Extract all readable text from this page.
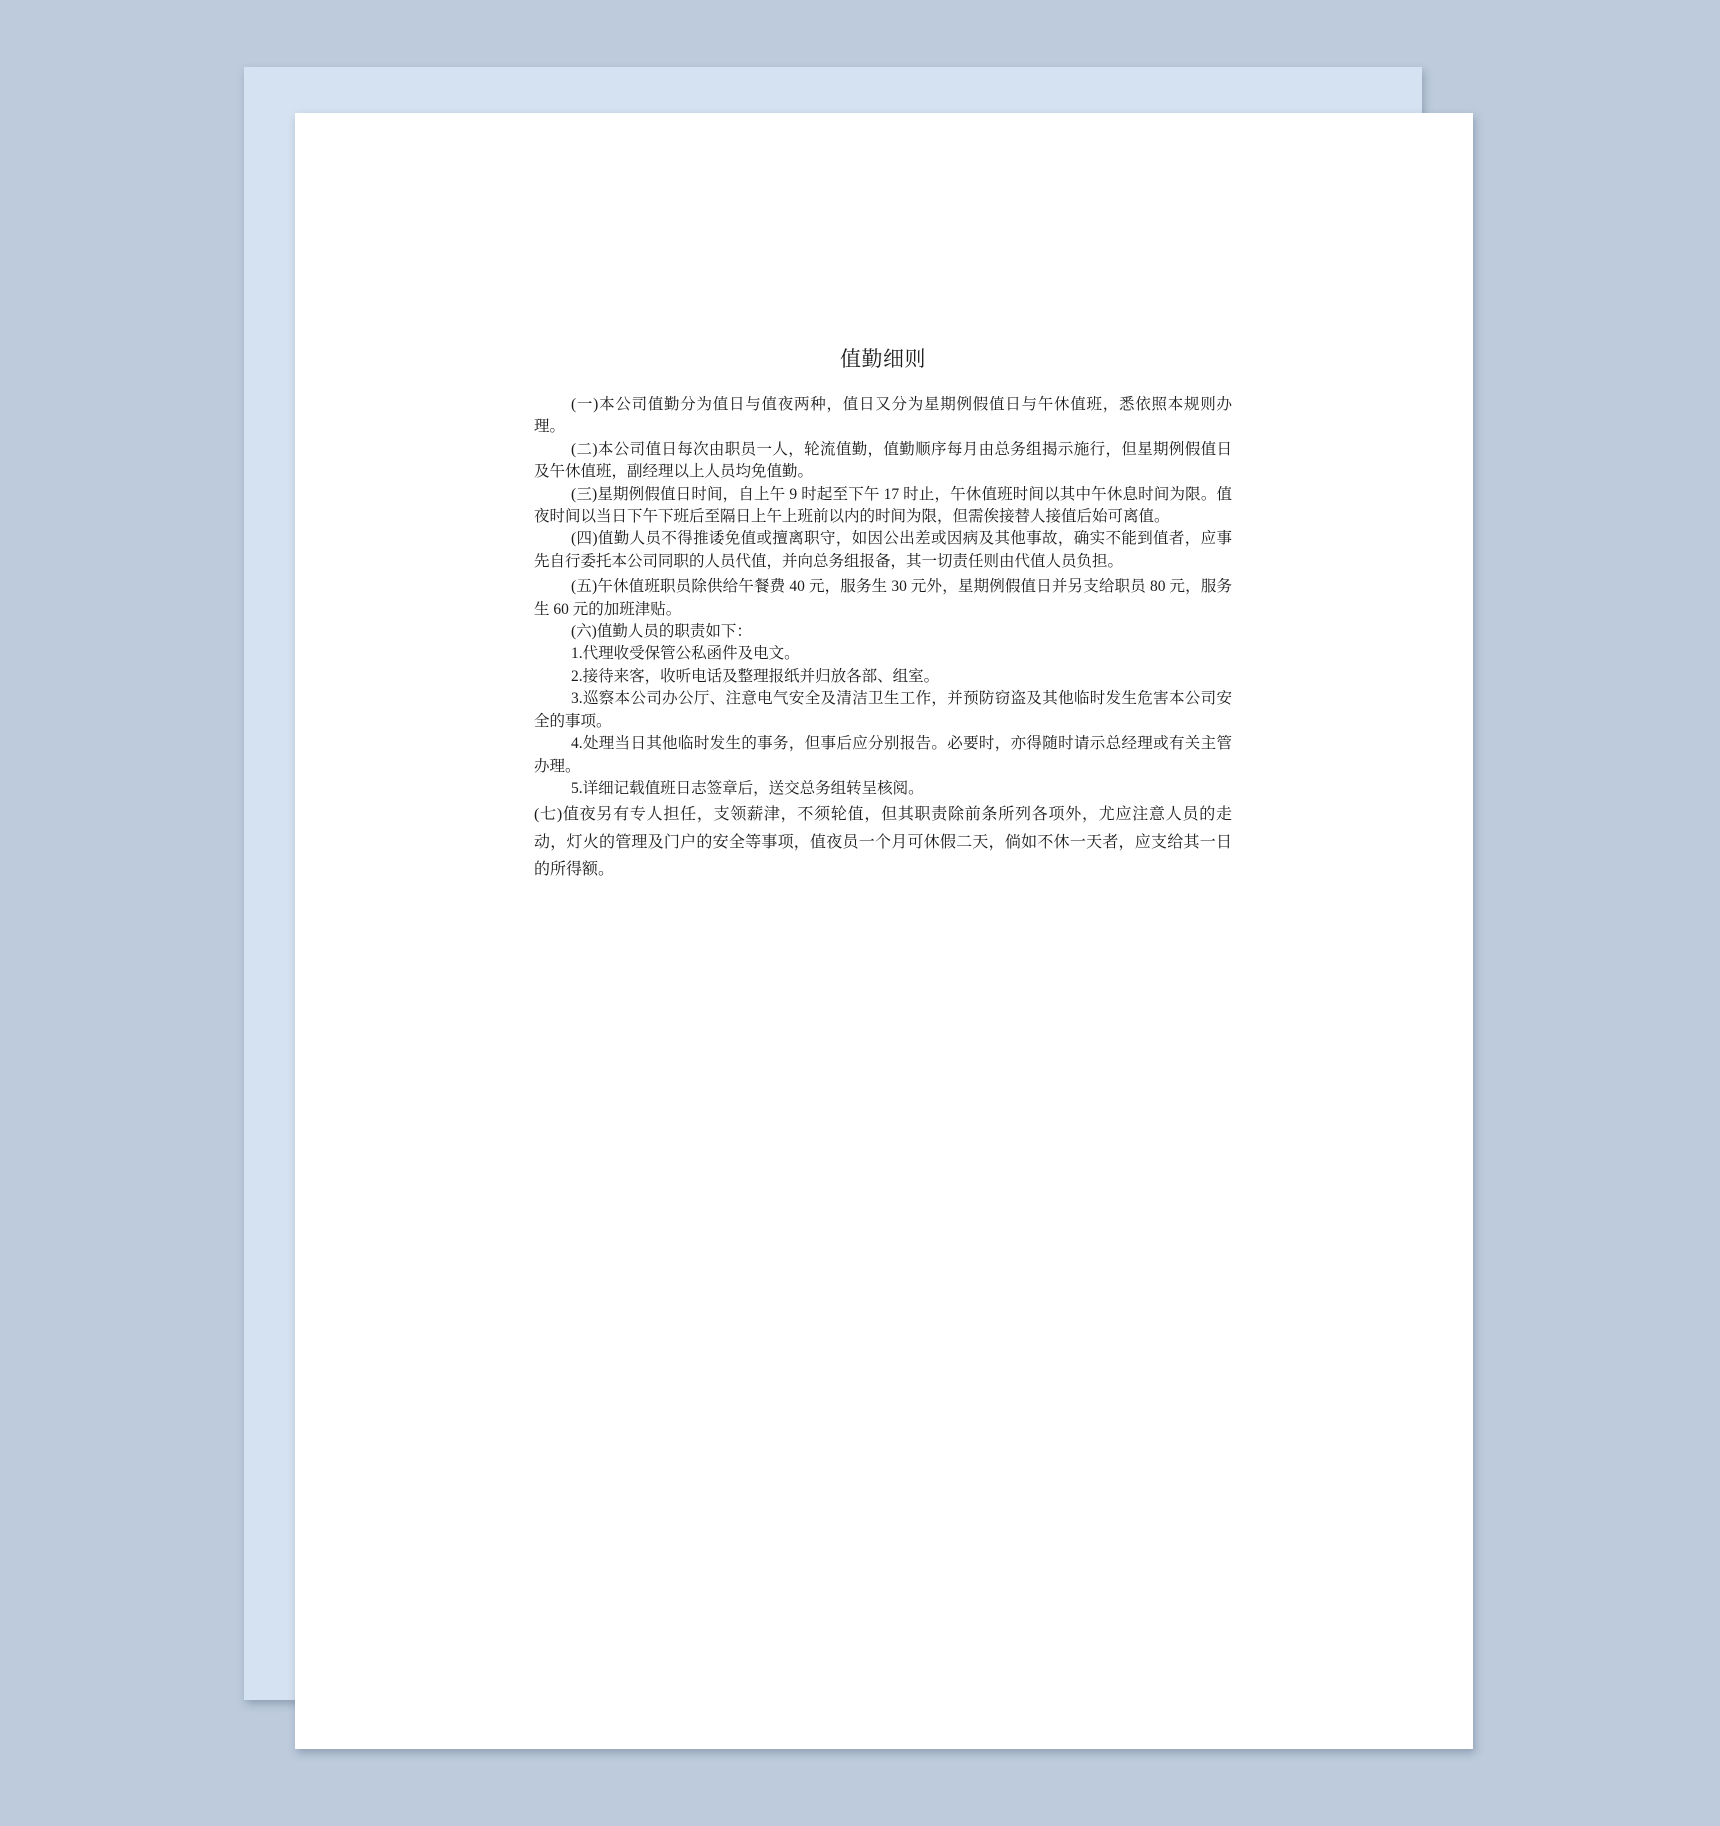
值勤细则

(一)本公司值勤分为值日与值夜两种，值日又分为星期例假值日与午休值班，悉依照本规则办理。

(二)本公司值日每次由职员一人，轮流值勤，值勤顺序每月由总务组揭示施行，但星期例假值日及午休值班，副经理以上人员均免值勤。

(三)星期例假值日时间，自上午 9 时起至下午 17 时止，午休值班时间以其中午休息时间为限。值夜时间以当日下午下班后至隔日上午上班前以内的时间为限，但需俟接替人接值后始可离值。

(四)值勤人员不得推诿免值或擅离职守，如因公出差或因病及其他事故，确实不能到值者，应事先自行委托本公司同职的人员代值，并向总务组报备，其一切责任则由代值人员负担。

(五)午休值班职员除供给午餐费 40 元，服务生 30 元外，星期例假值日并另支给职员 80 元，服务生 60 元的加班津贴。

(六)值勤人员的职责如下：

1.代理收受保管公私函件及电文。

2.接待来客，收听电话及整理报纸并归放各部、组室。

3.巡察本公司办公厅、注意电气安全及清洁卫生工作，并预防窃盗及其他临时发生危害本公司安全的事项。

4.处理当日其他临时发生的事务，但事后应分别报告。必要时，亦得随时请示总经理或有关主管办理。

5.详细记载值班日志签章后，送交总务组转呈核阅。

(七)值夜另有专人担任，支领薪津，不须轮值，但其职责除前条所列各项外，尤应注意人员的走动，灯火的管理及门户的安全等事项，值夜员一个月可休假二天，倘如不休一天者，应支给其一日的所得额。
